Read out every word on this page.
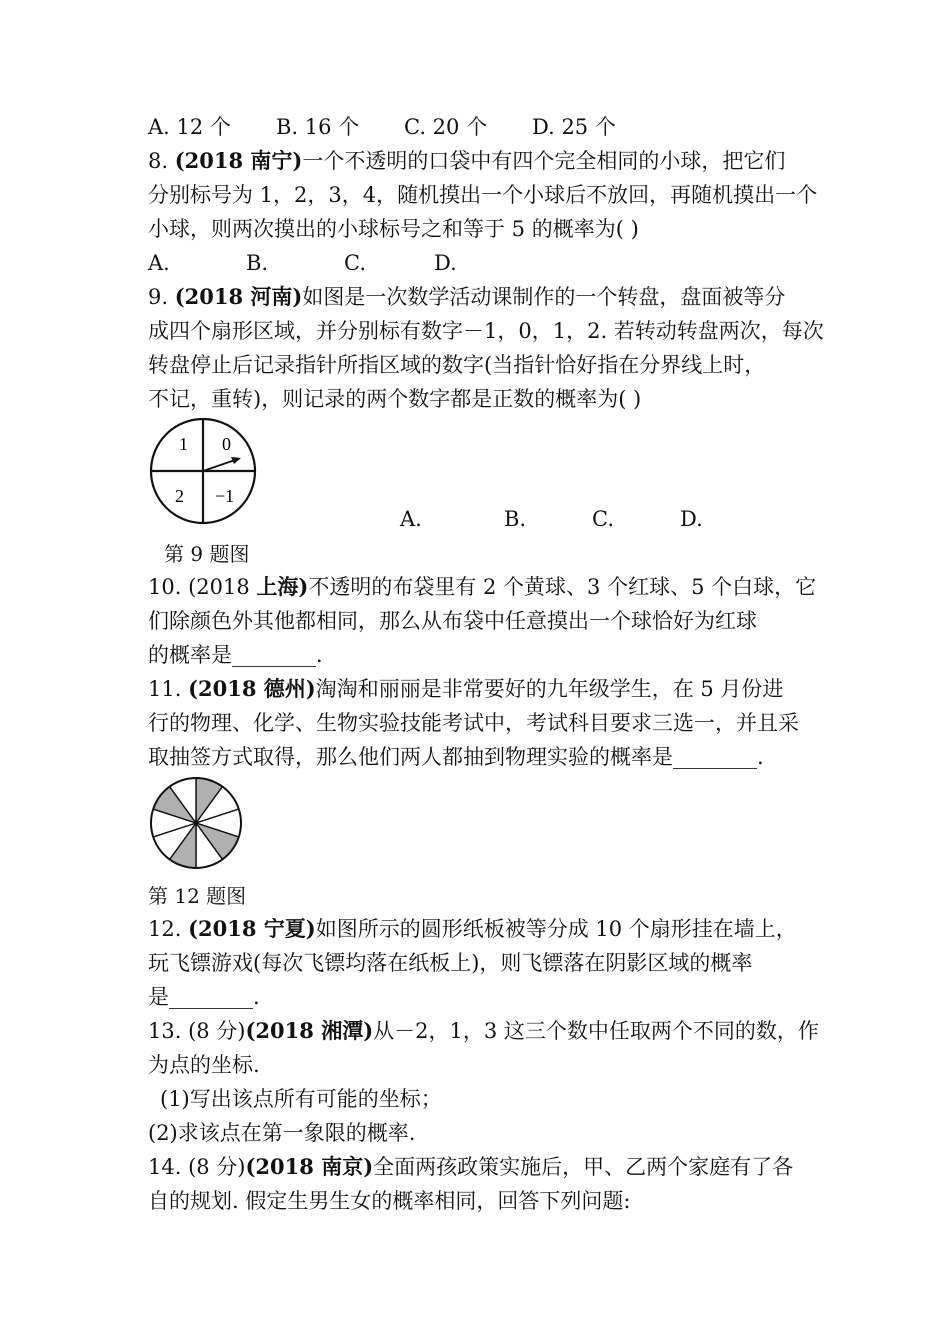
A. 12 个 B. 16 个 C. 20 个 D. 25 个
8. (2018 南宁)一个不透明的口袋中有四个完全相同的小球，把它们
分别标号为 1，2，3，4，随机摸出一个小球后不放回，再随机摸出一个
小球，则两次摸出的小球标号之和等于 5 的概率为( )
A.	B.	C.	D.
9. (2018 河南)如图是一次数学活动课制作的一个转盘，盘面被等分
成四个扇形区域，并分别标有数字－1，0，1，2. 若转动转盘两次，每次
转盘停止后记录指针所指区域的数字(当指针恰好指在分界线上时，
不记，重转)，则记录的两个数字都是正数的概率为( )
1 0
2 −1
A.	B.	C.	D.
第 9 题图
10. (2018 上海)不透明的布袋里有 2 个黄球、3 个红球、5 个白球，它
们除颜色外其他都相同，那么从布袋中任意摸出一个球恰好为红球
的概率是________.
11. (2018 德州)淘淘和丽丽是非常要好的九年级学生，在 5 月份进
行的物理、化学、生物实验技能考试中，考试科目要求三选一，并且采
取抽签方式取得，那么他们两人都抽到物理实验的概率是________.
第 12 题图
12. (2018 宁夏)如图所示的圆形纸板被等分成 10 个扇形挂在墙上，
玩飞镖游戏(每次飞镖均落在纸板上)，则飞镖落在阴影区域的概率
是________.
13. (8 分)(2018 湘潭)从－2，1，3 这三个数中任取两个不同的数，作
为点的坐标.
(1)写出该点所有可能的坐标；
(2)求该点在第一象限的概率.
14. (8 分)(2018 南京)全面两孩政策实施后，甲、乙两个家庭有了各
自的规划. 假定生男生女的概率相同，回答下列问题:
